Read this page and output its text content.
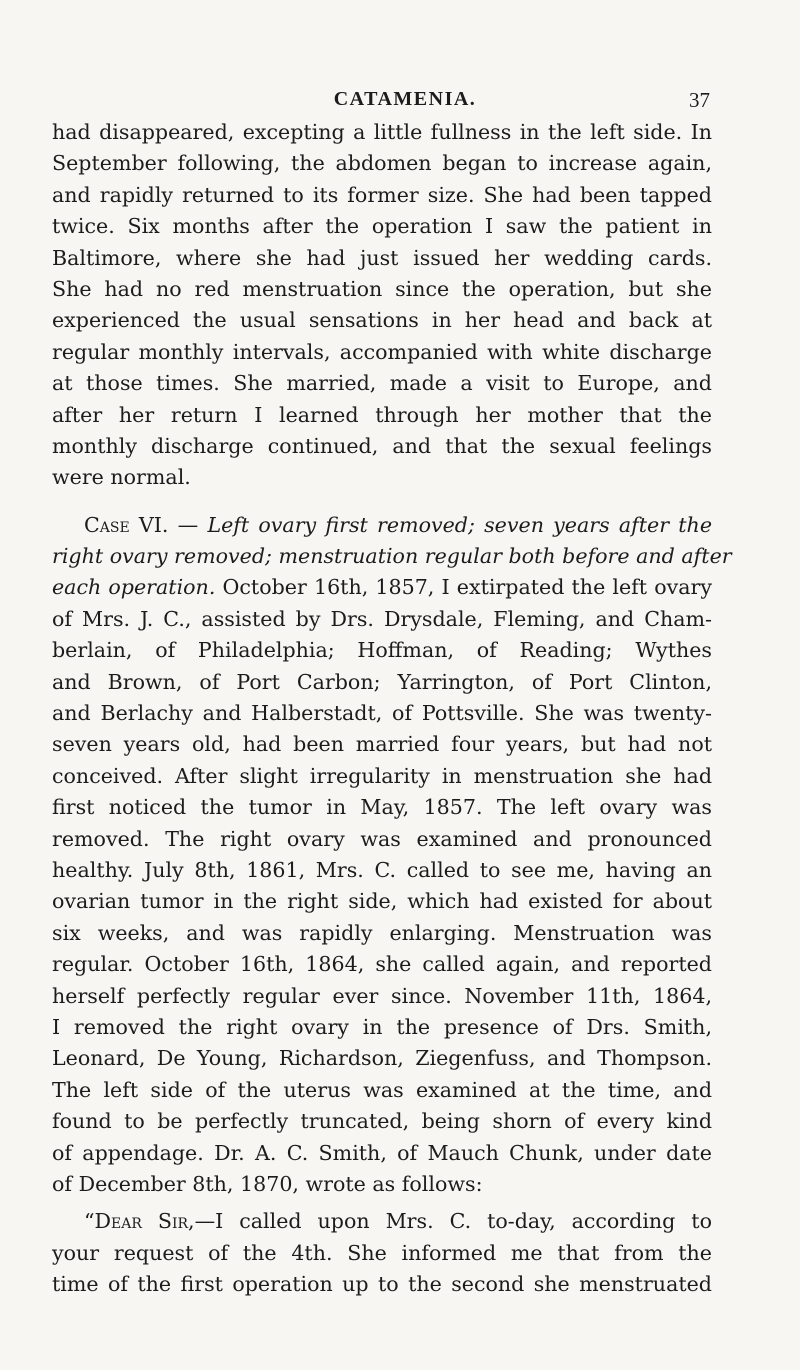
CATAMENIA.	37
had disappeared, excepting a little fullness in the left side. In
September following, the abdomen began to increase again,
and rapidly returned to its former size. She had been tapped
twice. Six months after the operation I saw the patient in
Baltimore, where she had just issued her wedding cards.
She had no red menstruation since the operation, but she
experienced the usual sensations in her head and back at
regular monthly intervals, accompanied with white discharge
at those times. She married, made a visit to Europe, and
after her return I learned through her mother that the
monthly discharge continued, and that the sexual feelings
were normal.
Case VI. — Left ovary first removed; seven years after the
right ovary removed; menstruation regular both before and after
each operation. October 16th, 1857, I extirpated the left ovary
of Mrs. J. C., assisted by Drs. Drysdale, Fleming, and Cham-
berlain, of Philadelphia; Hoffman, of Reading; Wythes
and Brown, of Port Carbon; Yarrington, of Port Clinton,
and Berlachy and Halberstadt, of Pottsville. She was twenty-
seven years old, had been married four years, but had not
conceived. After slight irregularity in menstruation she had
first noticed the tumor in May, 1857. The left ovary was
removed. The right ovary was examined and pronounced
healthy. July 8th, 1861, Mrs. C. called to see me, having an
ovarian tumor in the right side, which had existed for about
six weeks, and was rapidly enlarging. Menstruation was
regular. October 16th, 1864, she called again, and reported
herself perfectly regular ever since. November 11th, 1864,
I removed the right ovary in the presence of Drs. Smith,
Leonard, De Young, Richardson, Ziegenfuss, and Thompson.
The left side of the uterus was examined at the time, and
found to be perfectly truncated, being shorn of every kind
of appendage. Dr. A. C. Smith, of Mauch Chunk, under date
of December 8th, 1870, wrote as follows:
“Dear Sir,—I called upon Mrs. C. to-day, according to
your request of the 4th. She informed me that from the
time of the first operation up to the second she menstruated
